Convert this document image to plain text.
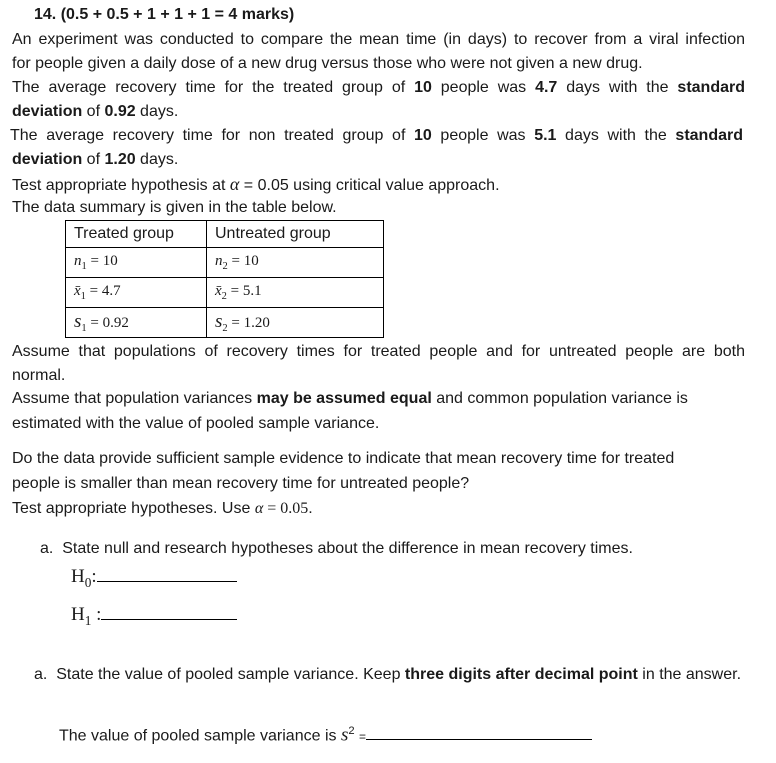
14. (0.5 + 0.5 + 1 + 1 + 1 = 4 marks)
An experiment was conducted to compare the mean time (in days) to recover from a viral infection
for people given a daily dose of a new drug versus those who were not given a new drug.
The average recovery time for the treated group of 10 people was 4.7 days with the standard
deviation of 0.92 days.
The average recovery time for non treated group of 10 people was 5.1 days with the standard
deviation of 1.20 days.
Test appropriate hypothesis at α = 0.05 using critical value approach.
The data summary is given in the table below.
Treated group	Untreated group
$n_1 = 10$	$n_2 = 10$
$x̄_1 = 4.7$	$x̄_2 = 5.1$
$s_1 = 0.92$	$s_2 = 1.20$
Assume that populations of recovery times for treated people and for untreated people are both
normal.
Assume that population variances may be assumed equal and common population variance is
estimated with the value of pooled sample variance.
Do the data provide sufficient sample evidence to indicate that mean recovery time for treated
people is smaller than mean recovery time for untreated people?
Test appropriate hypotheses. Use α = 0.05.
a. State null and research hypotheses about the difference in mean recovery times.
$H_0$:
$H_1$ :
a. State the value of pooled sample variance. Keep three digits after decimal point in the answer.
The value of pooled sample variance is $s^2$ =
